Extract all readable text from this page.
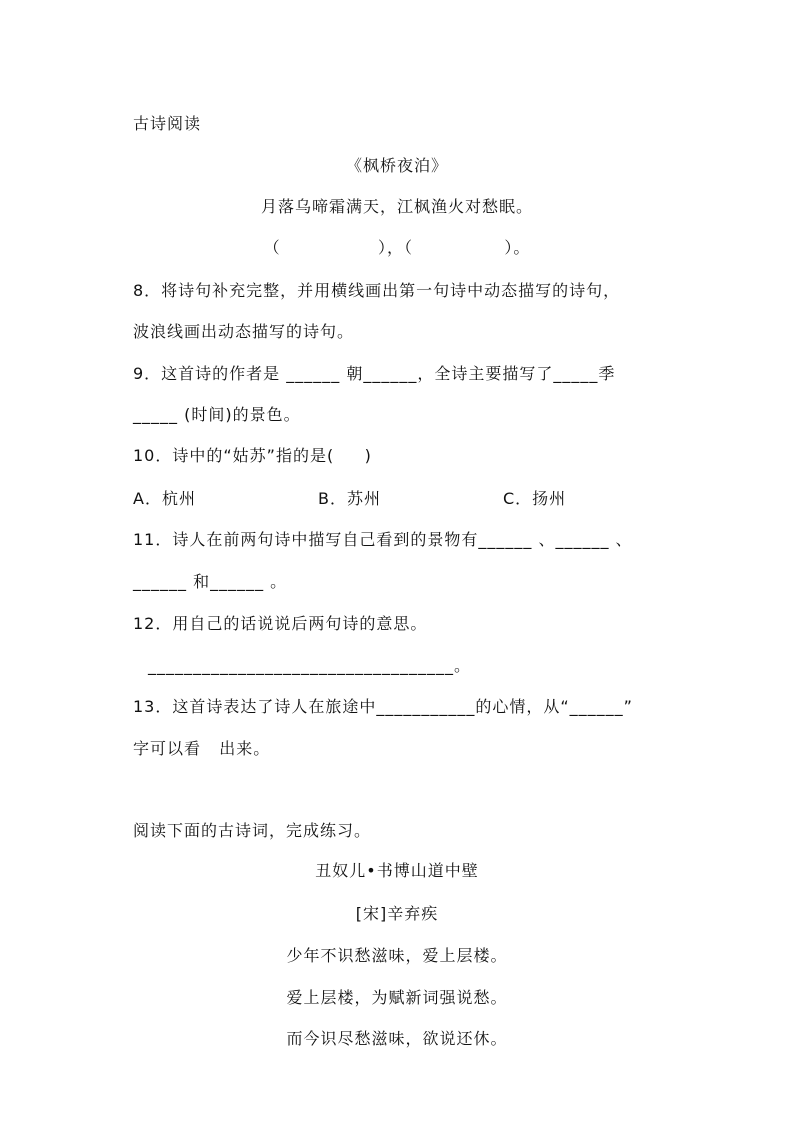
古诗阅读
《枫桥夜泊》
月落乌啼霜满天，江枫渔火对愁眠。
（                ），（               ）。
8．将诗句补充完整，并用横线画出第一句诗中动态描写的诗句，
波浪线画出动态描写的诗句。
9．这首诗的作者是 ______ 朝______，全诗主要描写了_____季
_____ (时间)的景色。
10．诗中的“姑苏”指的是(     )

A．杭州

	B．苏州

	C．扬州

11．诗人在前两句诗中描写自己看到的景物有______ 、______ 、
______ 和______ 。
12．用自己的话说说后两句诗的意思。
__________________________________。
13．这首诗表达了诗人在旅途中___________的心情，从“______”
字可以看   出来。
阅读下面的古诗词，完成练习。
丑奴儿•书博山道中壁
[宋]辛弃疾
少年不识愁滋味，爱上层楼。
爱上层楼，为赋新词强说愁。
而今识尽愁滋味，欲说还休。
